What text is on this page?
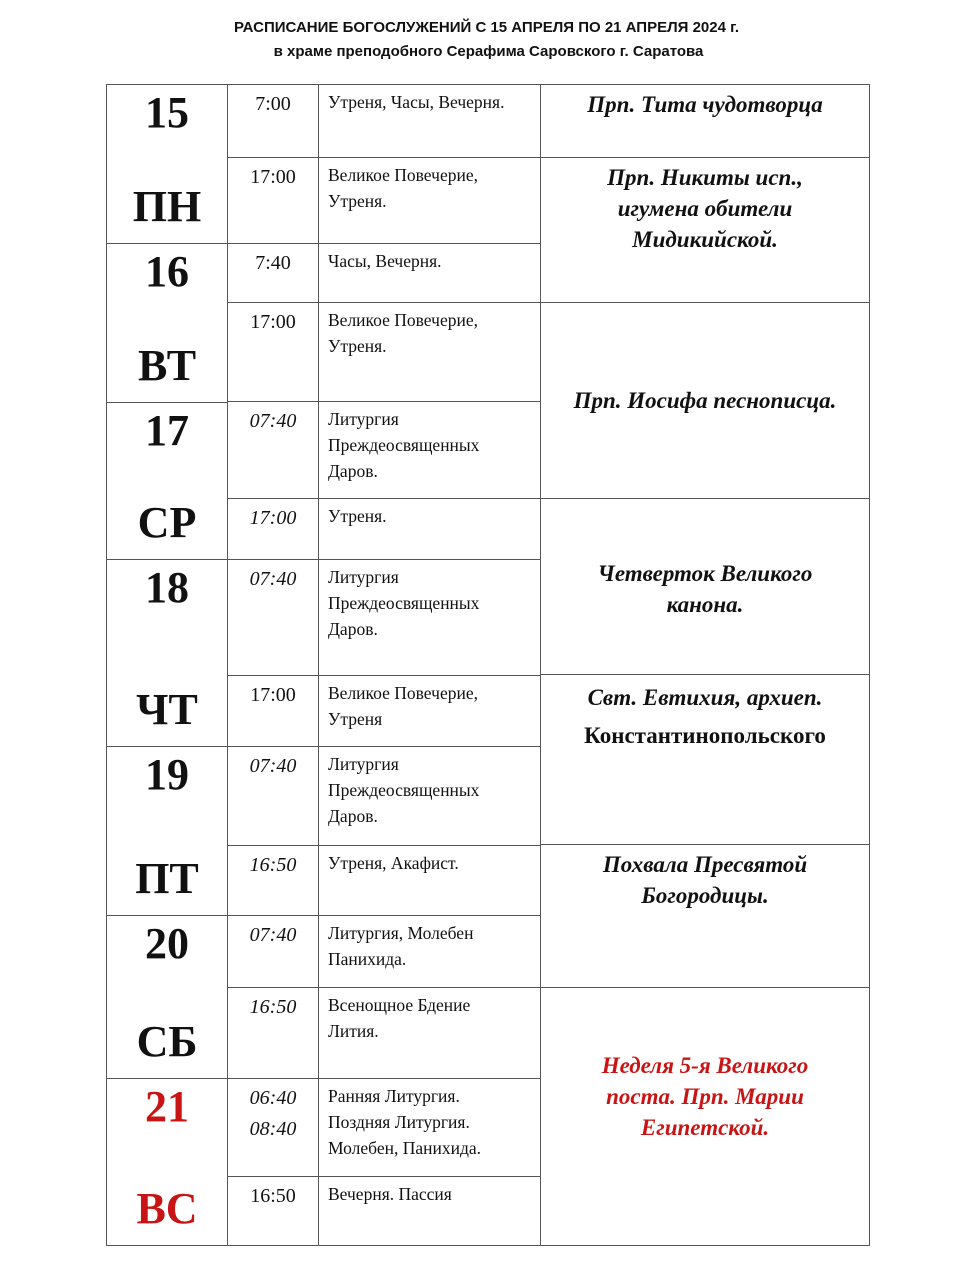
РАСПИСАНИЕ БОГОСЛУЖЕНИЙ С 15 АПРЕЛЯ ПО 21 АПРЕЛЯ 2024 г.
в храме преподобного Серафима Саровского г. Саратова
15
ПН
16
ВТ
17
СР
18
ЧТ
19
ПТ
20
СБ
21
ВС
7:00
17:00
7:40
17:00
07:40
17:00
07:40
17:00
07:40
16:50
07:40
16:50
06:40
08:40
16:50
Утреня, Часы, Вечерня.
Великое Повечерие,
Утреня.
Часы, Вечерня.
Великое Повечерие,
Утреня.
Литургия
Преждеосвященных
Даров.
Утреня.
Литургия
Преждеосвященных
Даров.
Великое Повечерие,
Утреня
Литургия
Преждеосвященных
Даров.
Утреня, Акафист.
Литургия, Молебен
Панихида.
Всенощное Бдение
Лития.
Ранняя Литургия.
Поздняя Литургия.
Молебен, Панихида.
Вечерня. Пассия
Прп. Тита чудотворца
Прп. Никиты исп.,
игумена обители
Мидикийской.
Прп. Иосифа песнописца.
Четверток Великого
канона.
Свт. Евтихия, архиеп.
Константинопольского
Похвала Пресвятой
Богородицы.
Неделя 5-я Великого
поста. Прп. Марии
Египетской.
